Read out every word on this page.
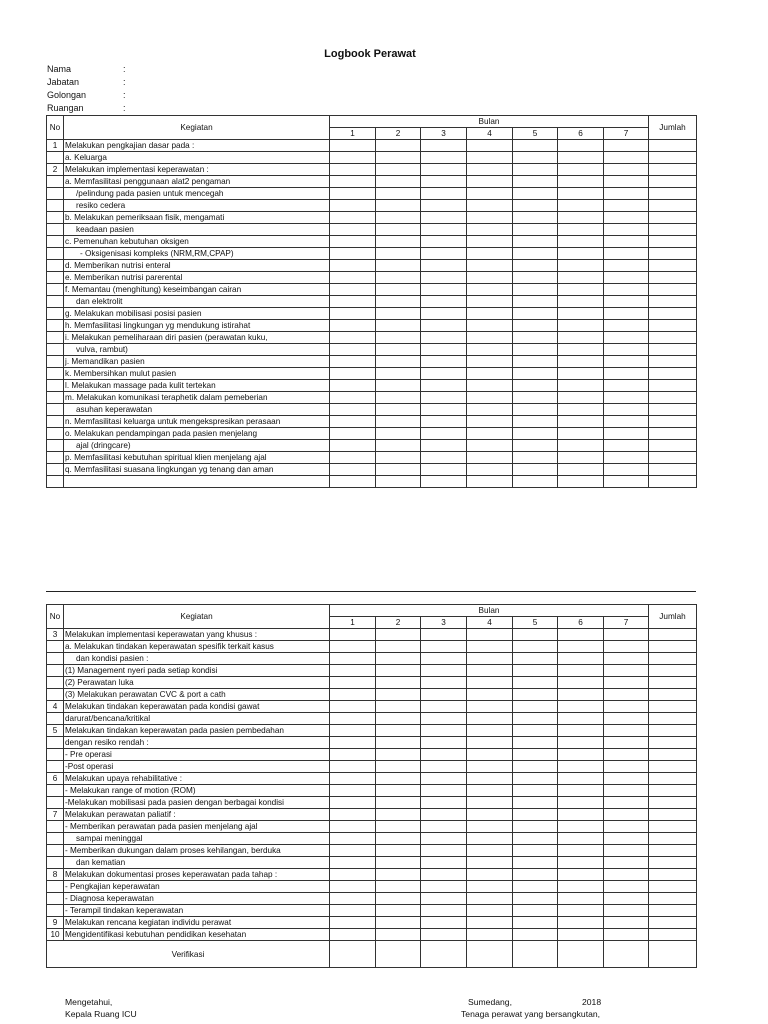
Logbook Perawat
Nama	:
Jabatan	:
Golongan	:
Ruangan	:
No	Kegiatan	Bulan							Jumlah
		1	2	3	4	5	6	7	
1	Melakukan pengkajian dasar pada :								
	a. Keluarga								
2	Melakukan implementasi keperawatan :								
	a. Memfasilitasi penggunaan alat2 pengaman								
	/pelindung pada pasien untuk mencegah								
	resiko cedera								
	b. Melakukan pemeriksaan fisik, mengamati								
	keadaan pasien								
	c. Pemenuhan kebutuhan oksigen								
	- Oksigenisasi kompleks (NRM,RM,CPAP)								
	d. Memberikan nutrisi enteral								
	e. Memberikan nutrisi parerental								
	f. Memantau (menghitung) keseimbangan cairan								
	dan elektrolit								
	g. Melakukan mobilisasi posisi pasien								
	h. Memfasilitasi lingkungan yg mendukung istirahat								
	i. Melakukan pemeliharaan diri pasien (perawatan kuku,								
	vulva, rambut)								
	j. Memandikan pasien								
	k. Membersihkan mulut pasien								
	l. Melakukan massage pada kulit tertekan								
	m. Melakukan komunikasi teraphetik dalam pemeberian								
	asuhan keperawatan								
	n. Memfasilitasi keluarga untuk mengekspresikan perasaan								
	o. Melakukan pendampingan pada pasien menjelang								
	ajal (dringcare)								
	p. Memfasilitasi kebutuhan spiritual klien menjelang ajal								
	q. Memfasilitasi suasana lingkungan yg tenang dan aman								

No	Kegiatan	Bulan							Jumlah
		1	2	3	4	5	6	7	
3	Melakukan implementasi keperawatan yang khusus :								
	a. Melakukan tindakan keperawatan spesifik terkait kasus								
	dan kondisi pasien :								
	(1) Management nyeri pada setiap kondisi								
	(2) Perawatan luka								
	(3) Melakukan perawatan CVC & port a cath								
4	Melakukan tindakan keperawatan pada kondisi gawat								
	darurat/bencana/kritikal								
5	Melakukan tindakan keperawatan pada pasien pembedahan								
	dengan resiko rendah :								
	- Pre operasi								
	-Post operasi								
6	Melakukan upaya rehabilitative :								
	- Melakukan range of motion (ROM)								
	-Melakukan mobilisasi pada pasien dengan berbagai kondisi								
7	Melakukan perawatan paliatif :								
	- Memberikan perawatan pada pasien menjelang ajal								
	sampai meninggal								
	- Memberikan dukungan dalam proses kehilangan, berduka								
	dan kematian								
8	Melakukan dokumentasi proses keperawatan pada tahap :								
	- Pengkajian keperawatan								
	- Diagnosa keperawatan								
	- Terampil tindakan keperawatan								
9	Melakukan rencana kegiatan individu perawat								
10	Mengidentifikasi kebutuhan pendidikan kesehatan								
Verifikasi									
Mengetahui,
Kepala Ruang ICU
Sumedang,	2018
Tenaga perawat yang bersangkutan,
